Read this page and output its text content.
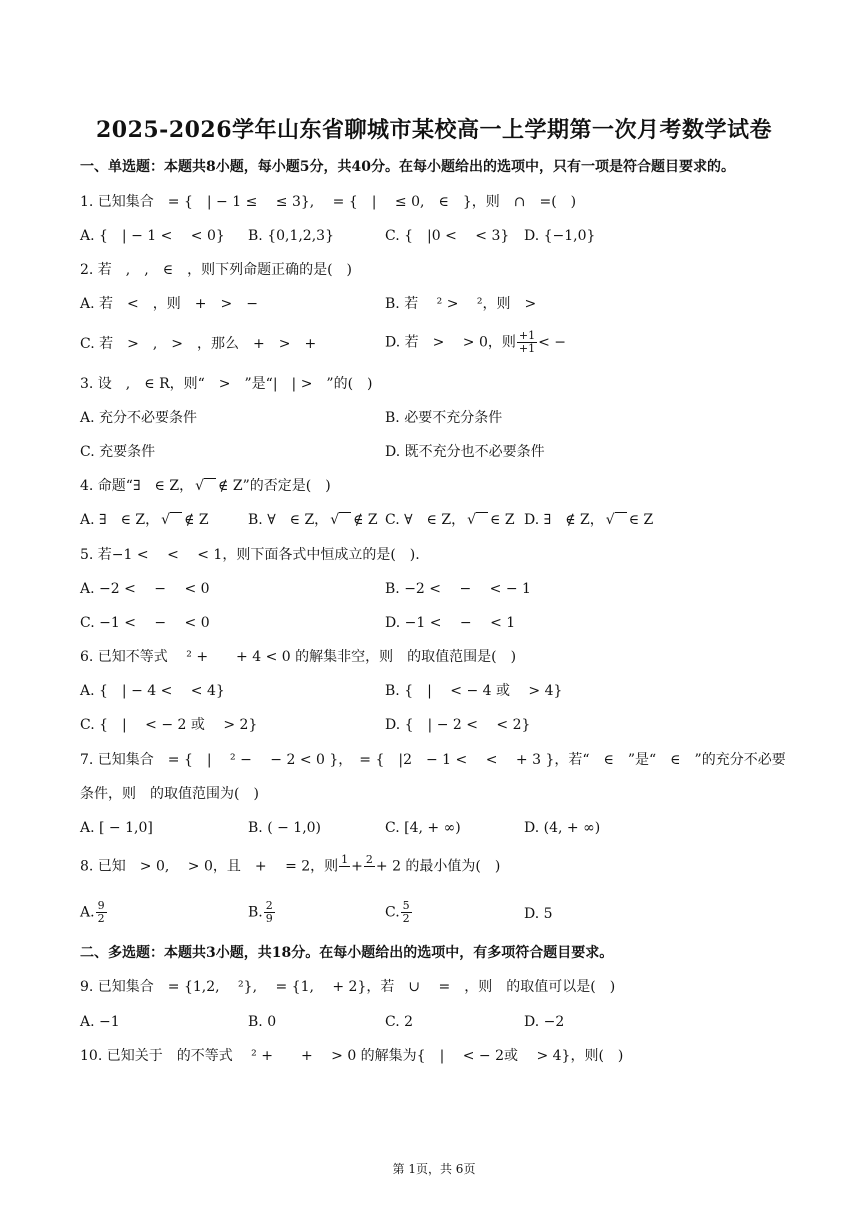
2025-2026学年山东省聊城市某校高一上学期第一次月考数学试卷
一、单选题：本题共8小题，每小题5分，共40分。在每小题给出的选项中，只有一项是符合题目要求的。
1. 已知集合　= {　| − 1 ≤　 ≤ 3},　 = {　|　 ≤ 0,　∈　}，则　∩　=(　)
A. {　| − 1 <　 < 0} B. {0,1,2,3}	C. {　|0 <　 < 3} D. {−1,0}
2. 若　,　,　∈　，则下列命题正确的是(　)
A. 若　<　，则　+　>　−	B. 若　 ² >　 ²，则　>
C. 若　>　,　>　，那么　+　>　+	D. 若　>　 > 0，则 $\frac{+1}{+1}$ < −
3. 设　,　∈ R，则“　>　”是“|　| >　”的(　)
A. 充分不必要条件	B. 必要不充分条件
C. 充要条件	D. 既不充分也不必要条件
4. 命题“∃　∈ Z， √ ∉ Z”的否定是(　)
A. ∃　∈ Z， √ ∉ Z	B. ∀　∈ Z， √ ∉ Z C. ∀　∈ Z， √ ∈ Z D. ∃　∉ Z， √ ∈ Z
5. 若−1 <　 <　 < 1，则下面各式中恒成立的是(　).
A. −2 <　 −　 < 0	B. −2 <　 −　 < − 1
C. −1 <　 −　 < 0	D. −1 <　 −　 < 1
6. 已知不等式　 ² +　　+ 4 < 0 的解集非空，则　的取值范围是(　)
A. {　| − 4 <　 < 4}	B. {　|　 < − 4 或　 > 4}
C. {　|　 < − 2 或　 > 2}	D. {　| − 2 <　 < 2}
7. 已知集合　= {　|　 ² −　 − 2 < 0 }，　= {　|2　− 1 <　 <　 + 3 }，若“　∈　”是“　∈　”的充分不必要
条件，则　的取值范围为(　)
A. [ − 1,0]	B. ( − 1,0)	C. [4, + ∞)	D. (4, + ∞)
8. 已知　> 0,　 > 0，且　+　 = 2，则 1
+ 2
+ 2 的最小值为(　)
A. $\frac{9}{2}$	B. $\frac{2}{9}$	C. $\frac{5}{2}$	D. 5
二、多选题：本题共3小题，共18分。在每小题给出的选项中，有多项符合题目要求。
9. 已知集合　= {1,2,　 ²},　 = {1,　 + 2}，若　∪　 =　，则　的取值可以是(　)
A. −1	B. 0	C. 2	D. −2
10. 已知关于　的不等式　 ² +　　+　 > 0 的解集为{　|　 < − 2或　 > 4}，则(　)
第 1页，共 6页
